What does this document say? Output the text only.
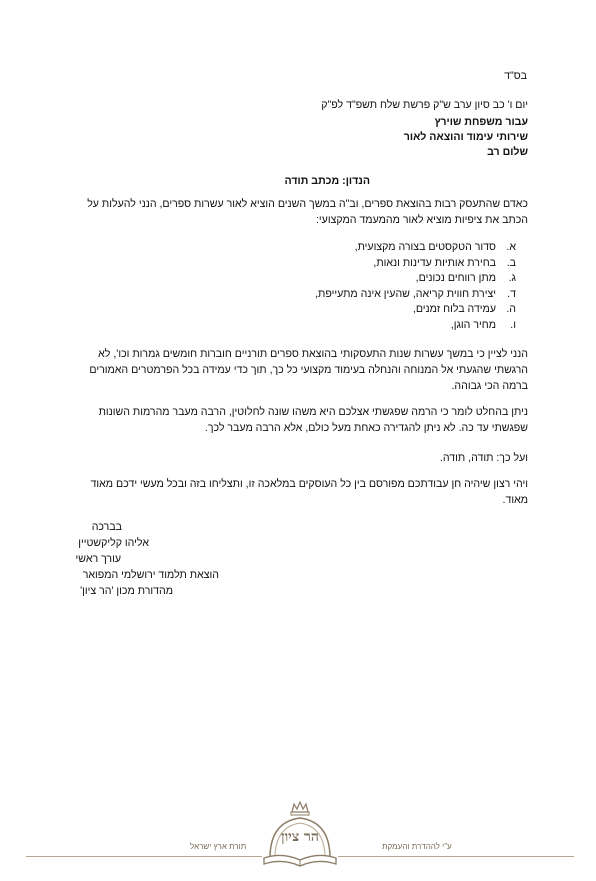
בס"ד
יום ו' כב סיון ערב ש"ק פרשת שלח תשפ"ד לפ"ק
עבור משפחת שוירץ
שירותי עימוד והוצאה לאור
שלום רב
הנדון: מכתב תודה
כאדם שהתעסק רבות בהוצאת ספרים, וב"ה במשך השנים הוציא לאור עשרות ספרים, הנני להעלות על הכתב את ציפיות מוציא לאור מהמעמד המקצועי:
א.
סדור הטקסטים בצורה מקצועית,
ב.
בחירת אותיות עדינות ונאות,
ג.
מתן רווחים נכונים,
ד.
יצירת חווית קריאה, שהעין אינה מתעייפת,
ה.
עמידה בלוח זמנים,
ו.
מחיר הוגן,
הנני לציין כי במשך עשרות שנות התעסקותי בהוצאת ספרים תורניים חוברות חומשים גמרות וכו', לא הרגשתי שהגעתי אל המנוחה והנחלה בעימוד מקצועי כל כך, תוך כדי עמידה בכל הפרמטרים האמורים ברמה הכי גבוהה.
ניתן בהחלט לומר כי הרמה שפגשתי אצלכם היא משהו שונה לחלוטין, הרבה מעבר מהרמות השונות שפגשתי עד כה. לא ניתן להגדירה כאחת מעל כולם, אלא הרבה מעבר לכך.
ועל כך: תודה, תודה.
ויהי רצון שיהיה חן עבודתכם מפורסם בין כל העוסקים במלאכה זו, ותצליחו בזה ובכל מעשי ידכם מאוד מאוד.
בברכה
אליהו קליקשטיין
עורך ראשי
הוצאת תלמוד ירושלמי המפואר
מהדורת מכון 'הר ציון'
תורת ארץ ישראל	ע"י לההדרת והעמקת
הר ציון
